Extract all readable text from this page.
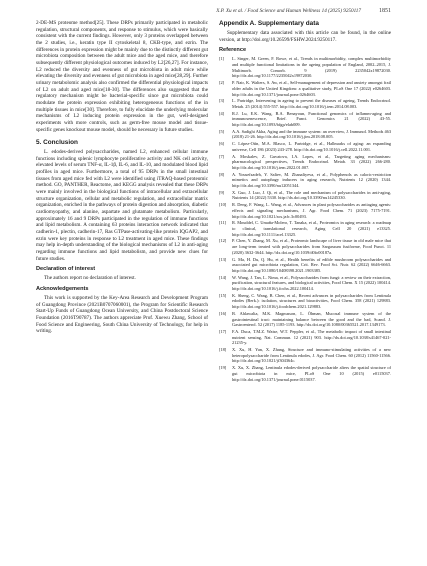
X.P. Xu et al. / Food Science and Human Wellness 14 (2025) 9250117	1851

2-DE-MS proteome method[25]. These DRPs primarily participated in metabolic regulation, structural components, and response to stimulus, which were basically consistent with the current findings. However, only 3 proteins overlapped between the 2 studies, i.e., keratin type II cytoskeletal 8, CKB-type, and ezrin. The differences in protein expression might be mainly due to the distinctly different gut microbiota composition between the adult mice and the aged mice, and therefore subsequently different physiological outcomes induced by L2[26,27]. For instance, L2 reduced the diversity and evenness of gut microbiota in adult mice while elevating the diversity and evenness of gut microbiota in aged mice[28,29]. Further urinary metabolomic analysis also confirmed the differential physiological impacts of L2 on adult and aged mice[18-30]. The differences also suggested that the regulatory mechanism might be bacterial-specific since gut microbiota could modulate the protein expression exhibiting heterogeneous functions of the in multiple tissues in mice[30]. Therefore, to fully elucidate the underlying molecular mechanisms of L2 inducing protein expression in the gut, well-designed experiments with more controls, such as germ-free mouse model and tissue-specific genes knockout mouse model, should be necessary in future studies.

5. Conclusion

L. edodes-derived polysaccharides, named L2, enhanced cellular immune functions including splenic lymphocyte proliferative activity and NK cell activity, elevated levels of serum TNF-α, IL-1β, IL-6, and IL-10, and modulated blood lipid profiles in aged mice. Furthermore, a total of 95 DRPs in the small intestinal tissues from aged mice fed with L2 were identified using iTRAQ-based proteomic method. GO, PANTHER, Reactome, and KEGG analysis revealed that these DRPs were mainly involved in the biological functions of intracellular and extracellular structure organization, cellular and metabolic regulation, and extracellular matrix organization, enriched in the pathways of protein digestion and absorption, diabetic cardiomyopathy, and alanine, aspartate and glutamate metabolism. Particularly, approximately 16 and 9 DRPs participated in the regulation of immune functions and lipid metabolism. A containing 63 proteins interaction network indicated that cadherin-1, plectin, cadherin-17, Ras GTPase-activating-like protein IQGAP2, and ezrin were key proteins in response to L2 treatment in aged mice. These findings may help in-depth understanding of the biological mechanisms of L2 in anti-aging regarding immune functions and lipid metabolism, and provide new clues for future studies.

Declaration of interest

The authors report no declaration of interest.

Acknowledgements

This work is supported by the Key-Area Research and Development Program of Guangdong Province (2021B0707060001), the Program for Scientific Research Start-Up Funds of Guangdong Ocean University, and China Postdoctoral Science Foundation (2016T90787). The authors appreciate Prof. Xuewu Zhang, School of Food Science and Engineering, South China University of Technology, for help in writing.

Appendix A. Supplementary data

Supplementary data associated with this article can be found, in the online version, at http://doi.org/10.26599/FSHW.2024.9250117.

Reference
[1] L. Singer, M. Green, F. Rowe, et al., Trends in multimorbidity, complex multimorbidity and multiple functional limitations in the ageing population of England, 2002–2015, J. Multimorb. Comorb. 9 (2019) 2235042x19872030. http://dx.doi.org/10.1177/2235042x19872030.
[2] P. Nair, K. Walters, S. Aw, et al., Self-management of depression and anxiety amongst frail older adults in the United Kingdom: a qualitative study, PLoS One 17 (2022) e0264603. http://dx.doi.org/10.1371/journal.pone.0264603.
[3] L. Partridge, Intervening in ageing to prevent the diseases of ageing, Trends Endocrinol. Metab. 25 (2014) 555-557. http://dx.doi.org/10.1016/j.tem.2014.08.003.
[4] R.J. Lu, E.K. Wang, B.A. Benayoun, Functional genomics of inflamm-aging and immunosenescence, Brief. Funct. Genomics 21 (2022) 43-55. http://dx.doi.org/10.1093/bfgp/elab009.
[5] A.A. Sadighi Akha, Aging and the immune system: an overview, J. Immunol. Methods 463 (2018) 21-26. http://dx.doi.org/10.1016/j.jim.2018.08.005.
[6] C. López-Otín, M.A. Blasco, L. Partridge, et al., Hallmarks of aging: an expanding universe, Cell 186 (2023) 243-278. http://dx.doi.org/10.1016/j.cell.2022.11.001.
[7] A. Moskalev, Z. Guvatova, I.A. Lopes, et al., Targeting aging mechanisms: pharmacological perspectives, Trends Endocrinol. Metab. 33 (2022) 266-280. http://dx.doi.org/10.1016/j.tem.2022.01.007.
[8] A. Yousefzadeh, Y. Saliev, M. Zhanaliyeva, et al., Polyphenols as caloric-restriction mimetics and autophagy inducers in aging research, Nutrients 12 (2020) 1344. http://dx.doi.org/10.3390/nu12051344.
[9] X. Guo, J. Luo, J. Qi, et al., The role and mechanism of polysaccharides in anti-aging, Nutrients 14 (2022) 5330. http://dx.doi.org/10.3390/nu14245330.
[10] R. Deng, F. Wang, L. Wang, et al., Advances in plant polysaccharides as antiaging agents: effects and signaling mechanisms, J. Agr. Food Chem. 71 (2023) 7175-7191. http://dx.doi.org/10.1021/acs.jafc.3c00493.
[11] R. Mouddel, C. Umaña-Molero, T. Tanaka, et al., Proteomics in aging research: a roadmap to clinical, translational research, Aging Cell 20 (2021) e13325. http://dx.doi.org/10.1111/acel.13325.
[12] P. Chen, Y. Zhang, M. Xu, et al., Proteomic landscape of liver tissue in old male mice that are long-term treated with polysaccharides from Sargassum fusiforme, Food Funct. 11 (2020) 3632-3644. http://dx.doi.org/10.1039/d0fo00187a.
[13] G. Ma, H. Du, Q. Hu, et al., Health benefits of edible mushroom polysaccharides and associated gut microbiota regulation, Crit. Rev. Food Sci. Nutr. 62 (2022) 6646-6663. http://dx.doi.org/10.1080/10408398.2021.1903385.
[14] W. Wang, J. Tan, L. Nima, et al., Polysaccharides from fungi: a review on their extraction, purification, structural features, and biological activities, Food Chem. X 15 (2022) 100414. http://dx.doi.org/10.1016/j.fochx.2022.100414.
[15] K. Sheng, C. Wang, B. Chen, et al., Recent advances in polysaccharides from Lentinula edodes (Berk.): isolation, structures and bioactivities, Food Chem. 358 (2021) 129883. http://dx.doi.org/10.1016/j.foodchem.2021.129883.
[16] B. Ahlawalia, M.K. Magnusson, L. Öhman, Mucosal immune system of the gastrointestinal tract: maintaining balance between the good and the bad, Scand. J. Gastroenterol. 52 (2017) 1185-1193. http://dx.doi.org/10.1080/00365521.2017.1349173.
[17] F.A. Duca, T.M.Z. Waise, W.T. Peppler, et al., The metabolic impact of small intestinal nutrient sensing, Nat. Commun. 12 (2021) 903. http://dx.doi.org/10.1038/s41467-021-21235-y.
[18] X. Xu, H. Yan, X. Zhang, Structure and immuno-stimulating activities of a new heteropolysaccharide from Lentinula edodes, J. Agr. Food Chem. 60 (2012) 11560-11566. http://dx.doi.org/10.1021/jf304364c.
[19] X. Xu, X. Zhang, Lentinula edodes-derived polysaccharide alters the spatial structure of gut microbiota in mice, PLoS One 10 (2015) e0115037. http://dx.doi.org/10.1371/journal.pone.0115037.
